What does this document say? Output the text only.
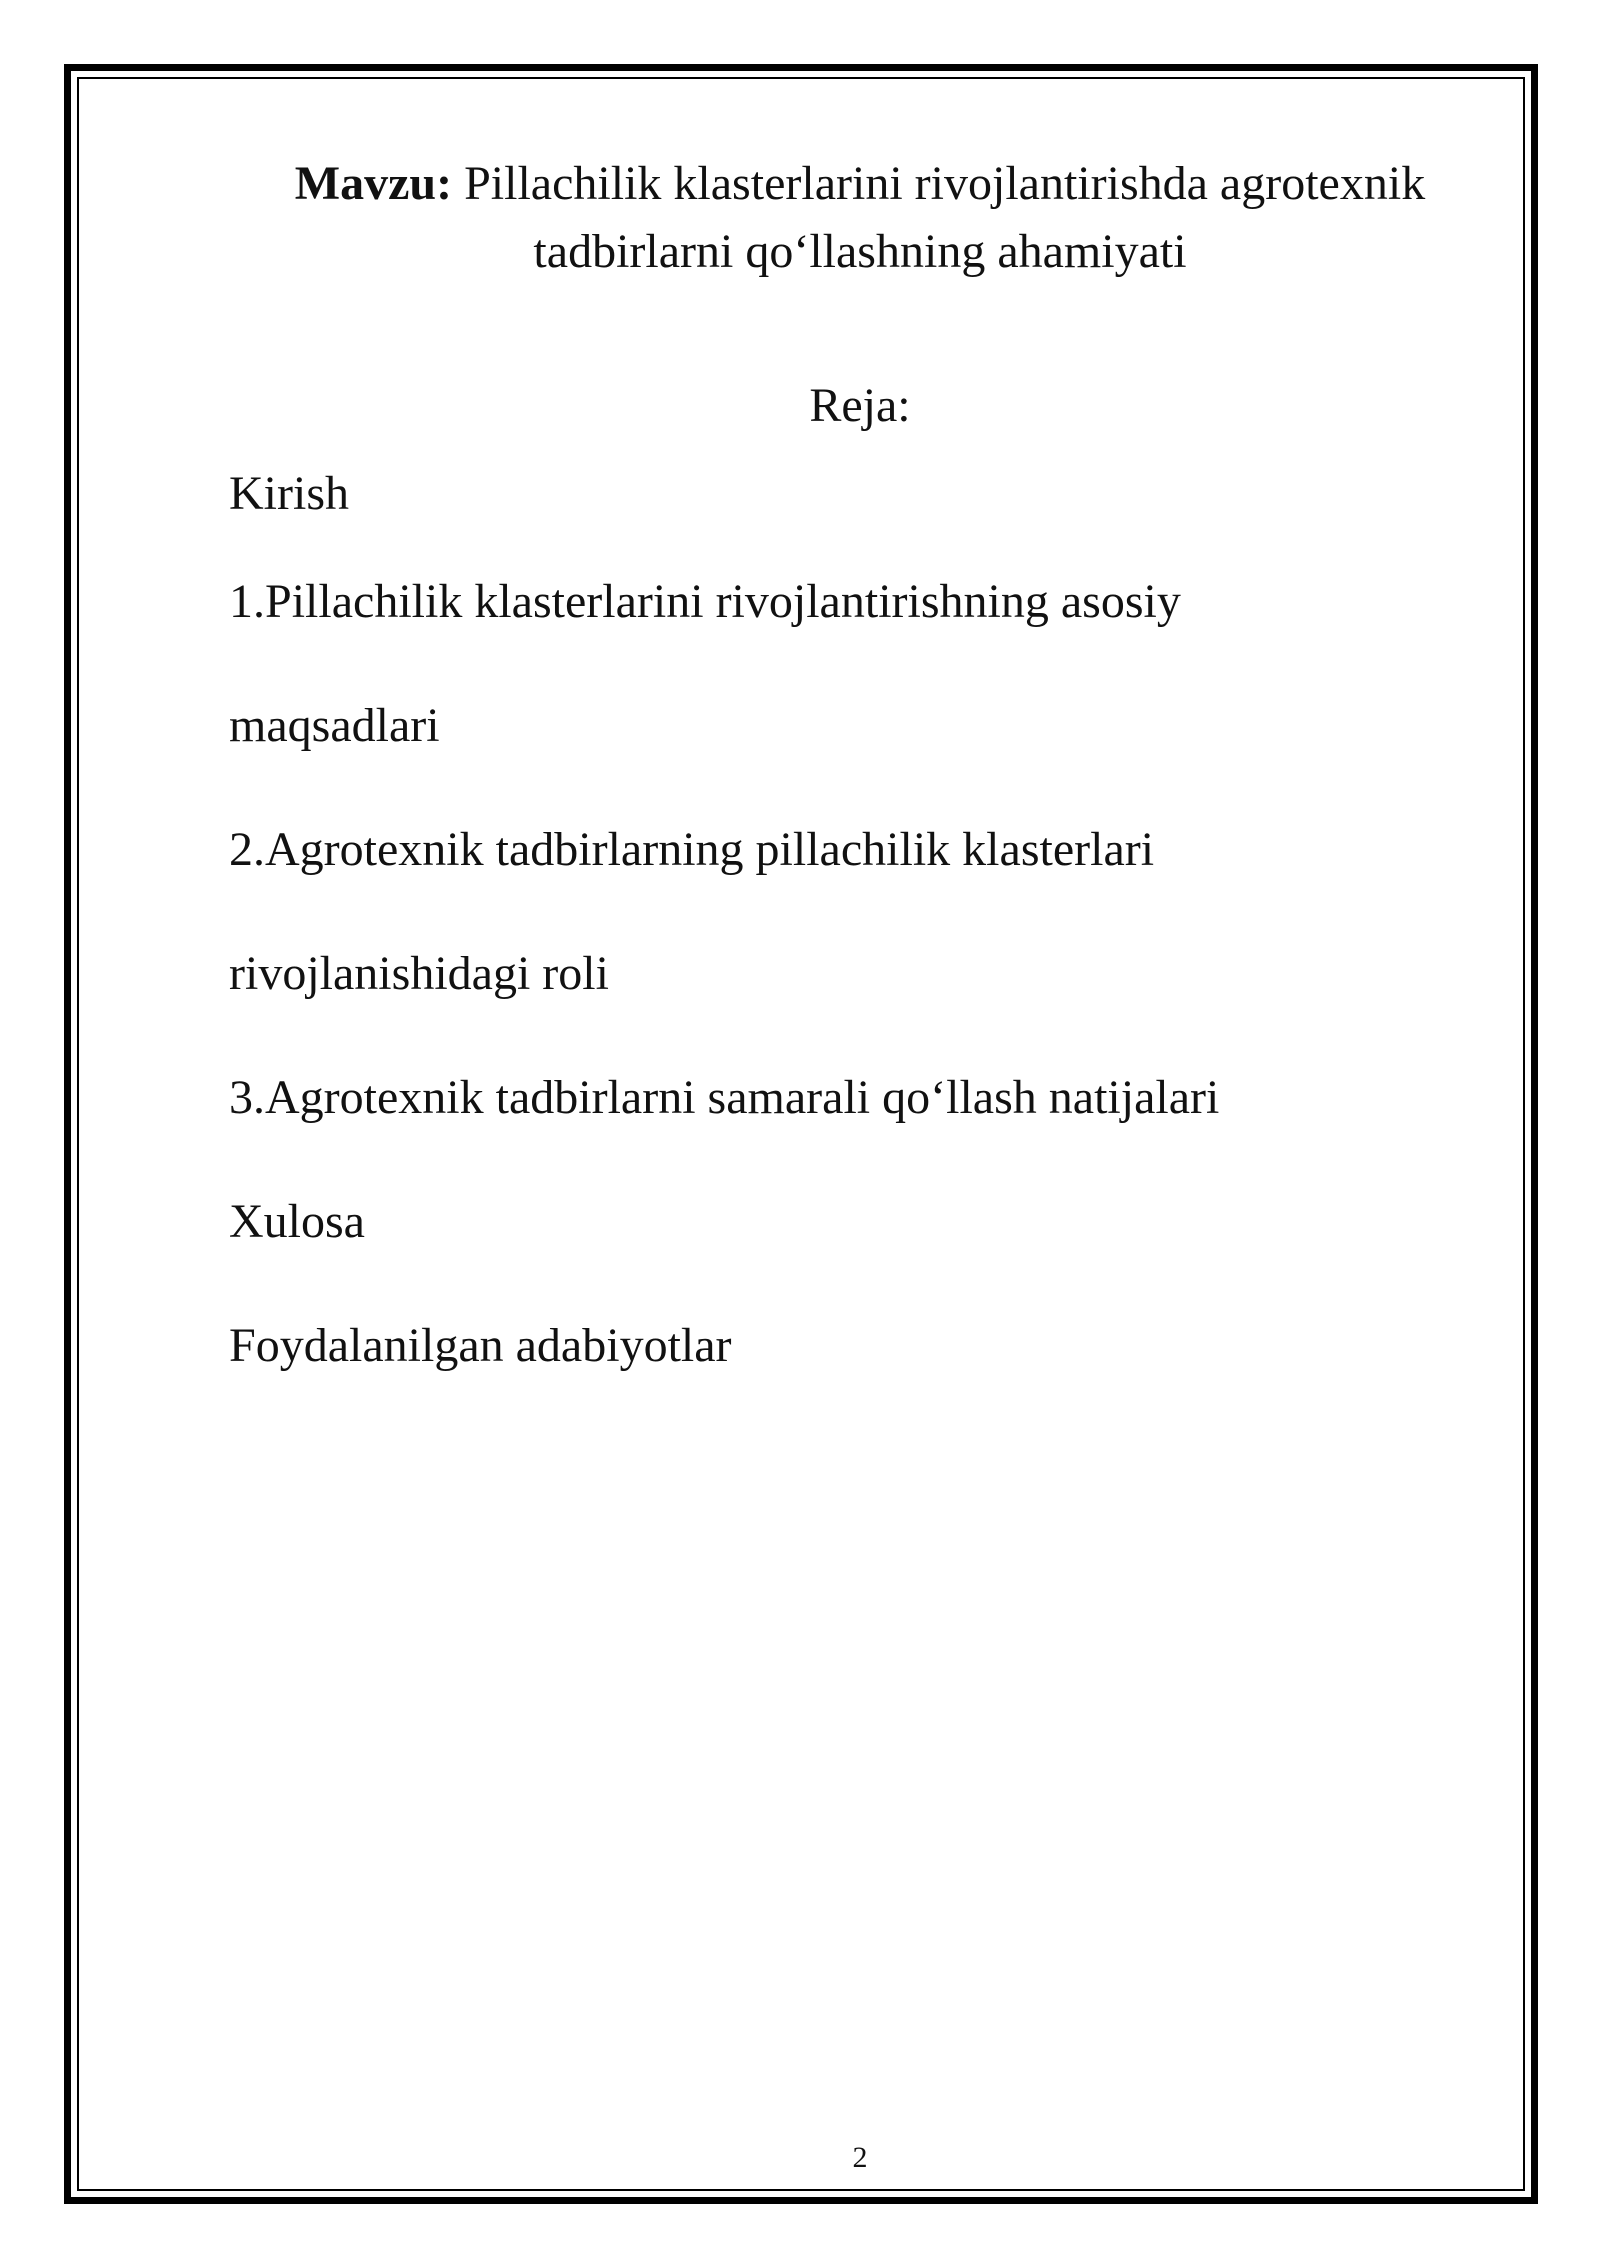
Mavzu: Pillachilik klasterlarini rivojlantirishda agrotexnik tadbirlarni qo‘llashning ahamiyati
Reja:
Kirish
1.Pillachilik klasterlarini rivojlantirishning asosiy
maqsadlari
2.Agrotexnik tadbirlarning pillachilik klasterlari
rivojlanishidagi roli
3.Agrotexnik tadbirlarni samarali qo‘llash natijalari
Xulosa
Foydalanilgan adabiyotlar
2
